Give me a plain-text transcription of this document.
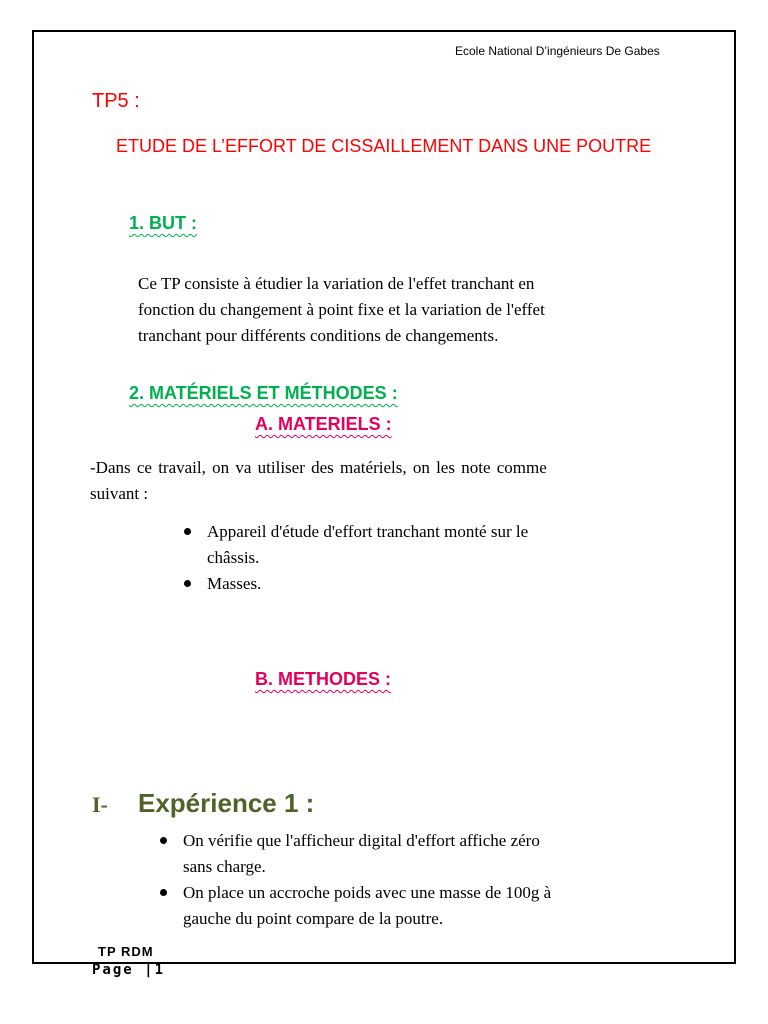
Ecole National D’ingénieurs De Gabes
TP5 :
ETUDE DE L’EFFORT DE CISSAILLEMENT DANS UNE POUTRE
1. BUT :
Ce TP consiste à étudier la variation de l'effet tranchant en
fonction du changement à point fixe et la variation de l'effet
tranchant pour différents conditions de changements.
2. MATÉRIELS ET MÉTHODES :
A. MATERIELS :
-Dans ce travail, on va utiliser des matériels, on les note comme
suivant :
Appareil d'étude d'effort tranchant monté sur le
châssis.
Masses.
B. METHODES :
I- Expérience 1 :
On vérifie que l'afficheur digital d'effort affiche zéro
sans charge.
On place un accroche poids avec une masse de 100g à
gauche du point compare de la poutre.
TP RDM
Page |1
